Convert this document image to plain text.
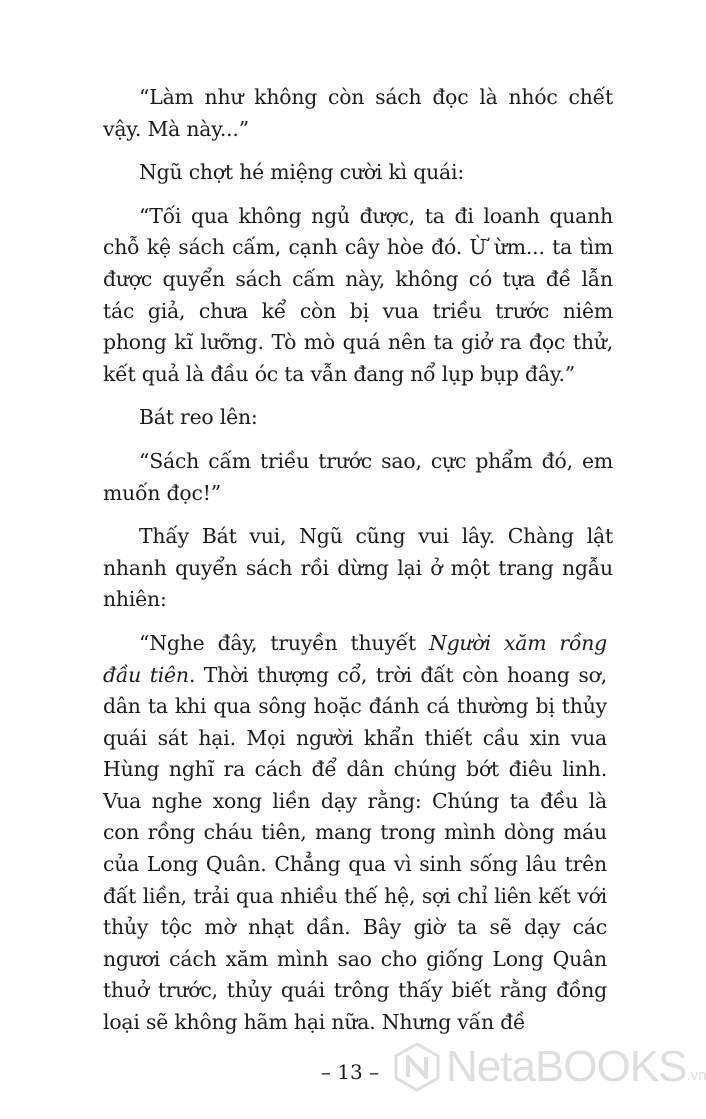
“Làm như không còn sách đọc là nhóc chết vậy. Mà này...”

Ngũ chợt hé miệng cười kì quái:

“Tối qua không ngủ được, ta đi loanh quanh chỗ kệ sách cấm, cạnh cây hòe đó. Ừ ừm... ta tìm được quyển sách cấm này, không có tựa đề lẫn tác giả, chưa kể còn bị vua triều trước niêm phong kĩ lưỡng. Tò mò quá nên ta giở ra đọc thử, kết quả là đầu óc ta vẫn đang nổ lụp bụp đây.”

Bát reo lên:

“Sách cấm triều trước sao, cực phẩm đó, em muốn đọc!”

Thấy Bát vui, Ngũ cũng vui lây. Chàng lật nhanh quyển sách rồi dừng lại ở một trang ngẫu nhiên:

“Nghe đây, truyền thuyết Người xăm rồng đầu tiên. Thời thượng cổ, trời đất còn hoang sơ, dân ta khi qua sông hoặc đánh cá thường bị thủy quái sát hại. Mọi người khẩn thiết cầu xin vua Hùng nghĩ ra cách để dân chúng bớt điêu linh. Vua nghe xong liền dạy rằng: Chúng ta đều là con rồng cháu tiên, mang trong mình dòng máu của Long Quân. Chẳng qua vì sinh sống lâu trên đất liền, trải qua nhiều thế hệ, sợi chỉ liên kết với thủy tộc mờ nhạt dần. Bây giờ ta sẽ dạy các ngươi cách xăm mình sao cho giống Long Quân thuở trước, thủy quái trông thấy biết rằng đồng loại sẽ không hãm hại nữa. Nhưng vấn đề

– 13 –	NetaBOOKS .vn
